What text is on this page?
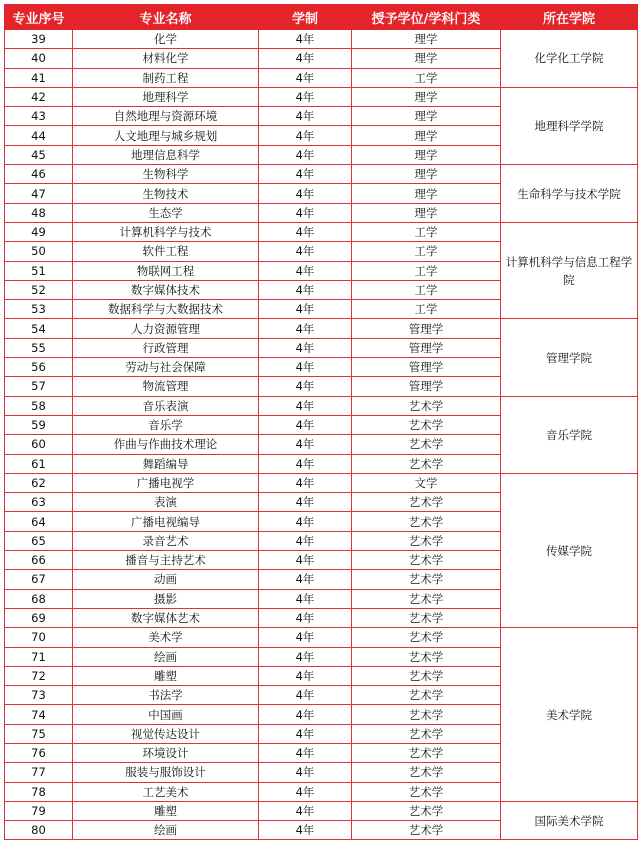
专业序号	专业名称	学制	授予学位/学科门类	所在学院
39	化学	4年	理学	化学化工学院
40	材料化学	4年	理学	
41	制药工程	4年	工学	
42	地理科学	4年	理学	地理科学学院
43	自然地理与资源环境	4年	理学	
44	人文地理与城乡规划	4年	理学	
45	地理信息科学	4年	理学	
46	生物科学	4年	理学	生命科学与技术学院
47	生物技术	4年	理学	
48	生态学	4年	理学	
49	计算机科学与技术	4年	工学	计算机科学与信息工程学院
50	软件工程	4年	工学	
51	物联网工程	4年	工学	
52	数字媒体技术	4年	工学	
53	数据科学与大数据技术	4年	工学	
54	人力资源管理	4年	管理学	管理学院
55	行政管理	4年	管理学	
56	劳动与社会保障	4年	管理学	
57	物流管理	4年	管理学	
58	音乐表演	4年	艺术学	音乐学院
59	音乐学	4年	艺术学	
60	作曲与作曲技术理论	4年	艺术学	
61	舞蹈编导	4年	艺术学	
62	广播电视学	4年	文学	传媒学院
63	表演	4年	艺术学	
64	广播电视编导	4年	艺术学	
65	录音艺术	4年	艺术学	
66	播音与主持艺术	4年	艺术学	
67	动画	4年	艺术学	
68	摄影	4年	艺术学	
69	数字媒体艺术	4年	艺术学	
70	美术学	4年	艺术学	美术学院
71	绘画	4年	艺术学	
72	雕塑	4年	艺术学	
73	书法学	4年	艺术学	
74	中国画	4年	艺术学	
75	视觉传达设计	4年	艺术学	
76	环境设计	4年	艺术学	
77	服装与服饰设计	4年	艺术学	
78	工艺美术	4年	艺术学	
79	雕塑	4年	艺术学	国际美术学院
80	绘画	4年	艺术学	
